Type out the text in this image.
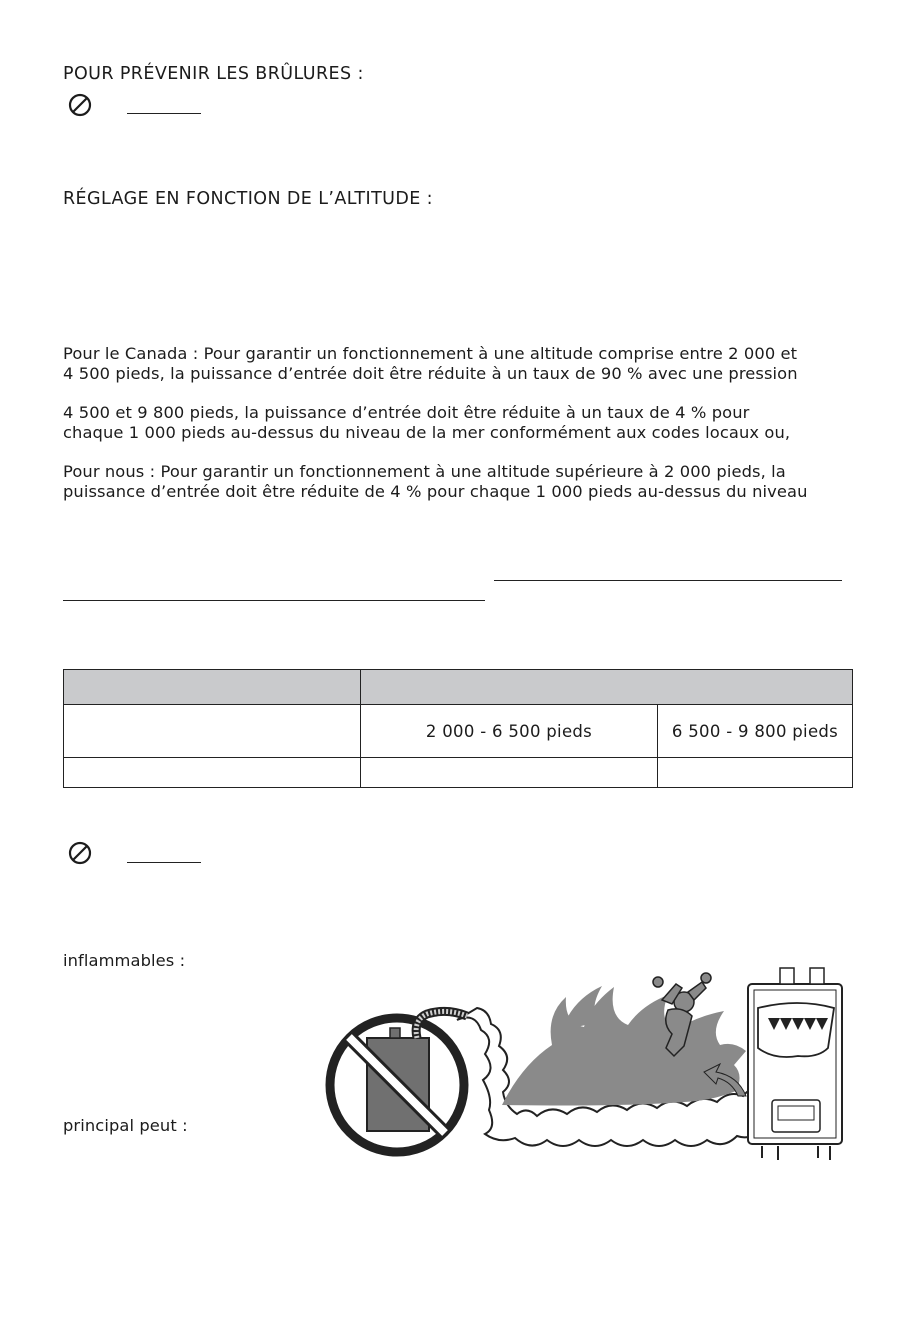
POUR PRÉVENIR LES BRÛLURES :
RÉGLAGE EN FONCTION DE L’ALTITUDE :
Pour le Canada : Pour garantir un fonctionnement à une altitude comprise entre 2 000 et
4 500 pieds, la puissance d’entrée doit être réduite à un taux de 90 % avec une pression
4 500 et 9 800 pieds, la puissance d’entrée doit être réduite à un taux de 4 % pour
chaque 1 000 pieds au-dessus du niveau de la mer conformément aux codes locaux ou,
Pour nous : Pour garantir un fonctionnement à une altitude supérieure à 2 000 pieds, la
puissance d’entrée doit être réduite de 4 % pour chaque 1 000 pieds au-dessus du niveau

	2 000 - 6 500 pieds	6 500 - 9 800 pieds

inflammables :
principal peut :
